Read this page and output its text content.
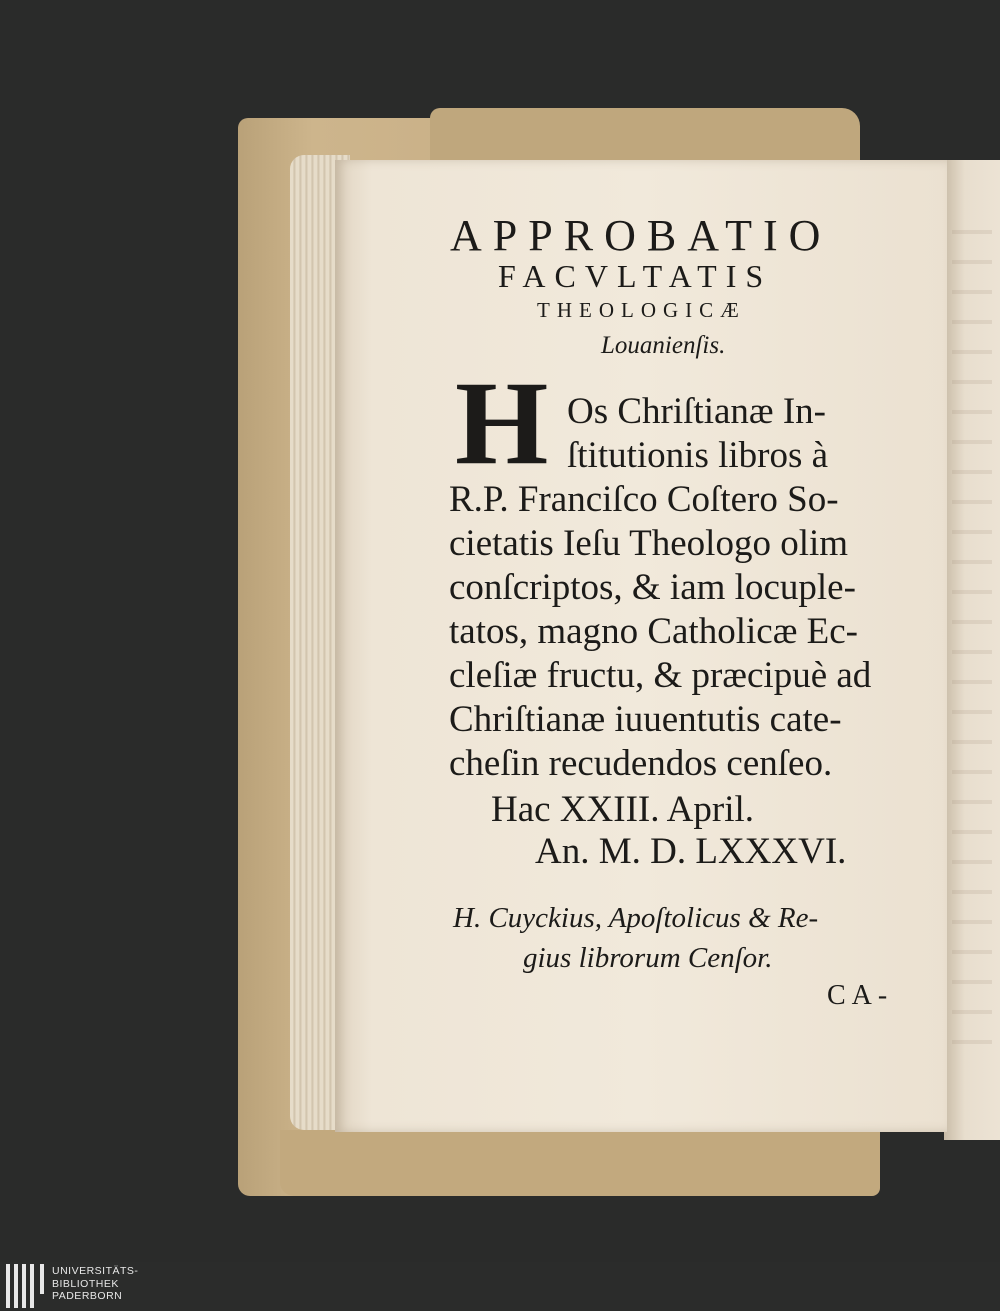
APPROBATIO
FACVLTATIS
THEOLOGICÆ
Louanienſis.
H Os Chriſtianæ In-
ſtitutionis libros à
R.P. Franciſco Coſtero So-
cietatis Ieſu Theologo olim
conſcriptos, & iam locuple-
tatos, magno Catholicæ Ec-
cleſiæ fructu, & præcipuè ad
Chriſtianæ iuuentutis cate-
cheſin recudendos cenſeo.
Hac XXIII. April.
An. M. D. LXXXVI.
H. Cuyckius, Apoſtolicus & Re-
gius librorum Cenſor.
CA-
UNIVERSITÄTS-
BIBLIOTHEK
PADERBORN
